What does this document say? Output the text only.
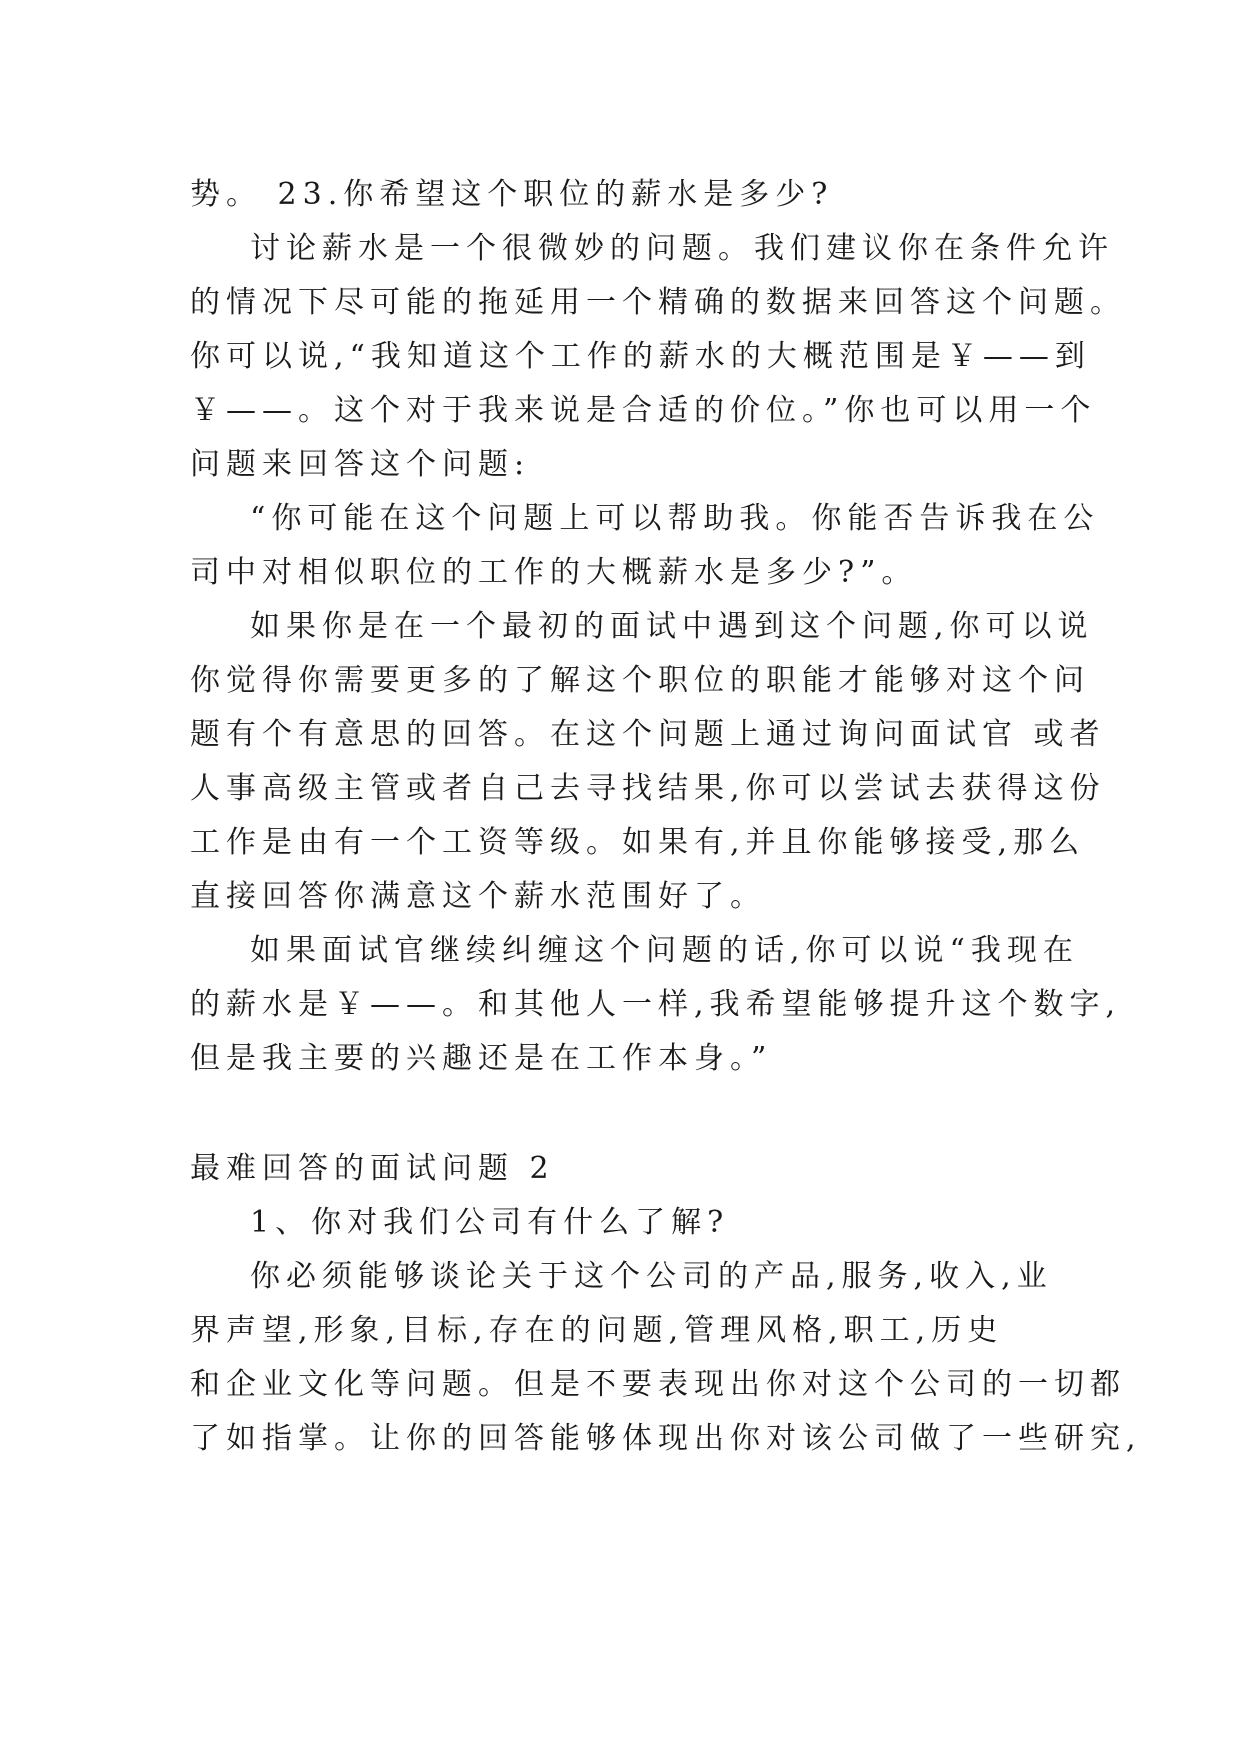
势。 23.你希望这个职位的薪水是多少?
讨论薪水是一个很微妙的问题。我们建议你在条件允许
的情况下尽可能的拖延用一个精确的数据来回答这个问题。
你可以说,“我知道这个工作的薪水的大概范围是￥——到
￥——。这个对于我来说是合适的价位。”你也可以用一个
问题来回答这个问题:
“你可能在这个问题上可以帮助我。你能否告诉我在公
司中对相似职位的工作的大概薪水是多少?”。
如果你是在一个最初的面试中遇到这个问题,你可以说
你觉得你需要更多的了解这个职位的职能才能够对这个问
题有个有意思的回答。在这个问题上通过询问面试官 或者
人事高级主管或者自己去寻找结果,你可以尝试去获得这份
工作是由有一个工资等级。如果有,并且你能够接受,那么
直接回答你满意这个薪水范围好了。
如果面试官继续纠缠这个问题的话,你可以说“我现在
的薪水是￥——。和其他人一样,我希望能够提升这个数字,
但是我主要的兴趣还是在工作本身。”
最难回答的面试问题 2
1、你对我们公司有什么了解?
你必须能够谈论关于这个公司的产品,服务,收入,业
界声望,形象,目标,存在的问题,管理风格,职工,历史
和企业文化等问题。但是不要表现出你对这个公司的一切都
了如指掌。让你的回答能够体现出你对该公司做了一些研究,
